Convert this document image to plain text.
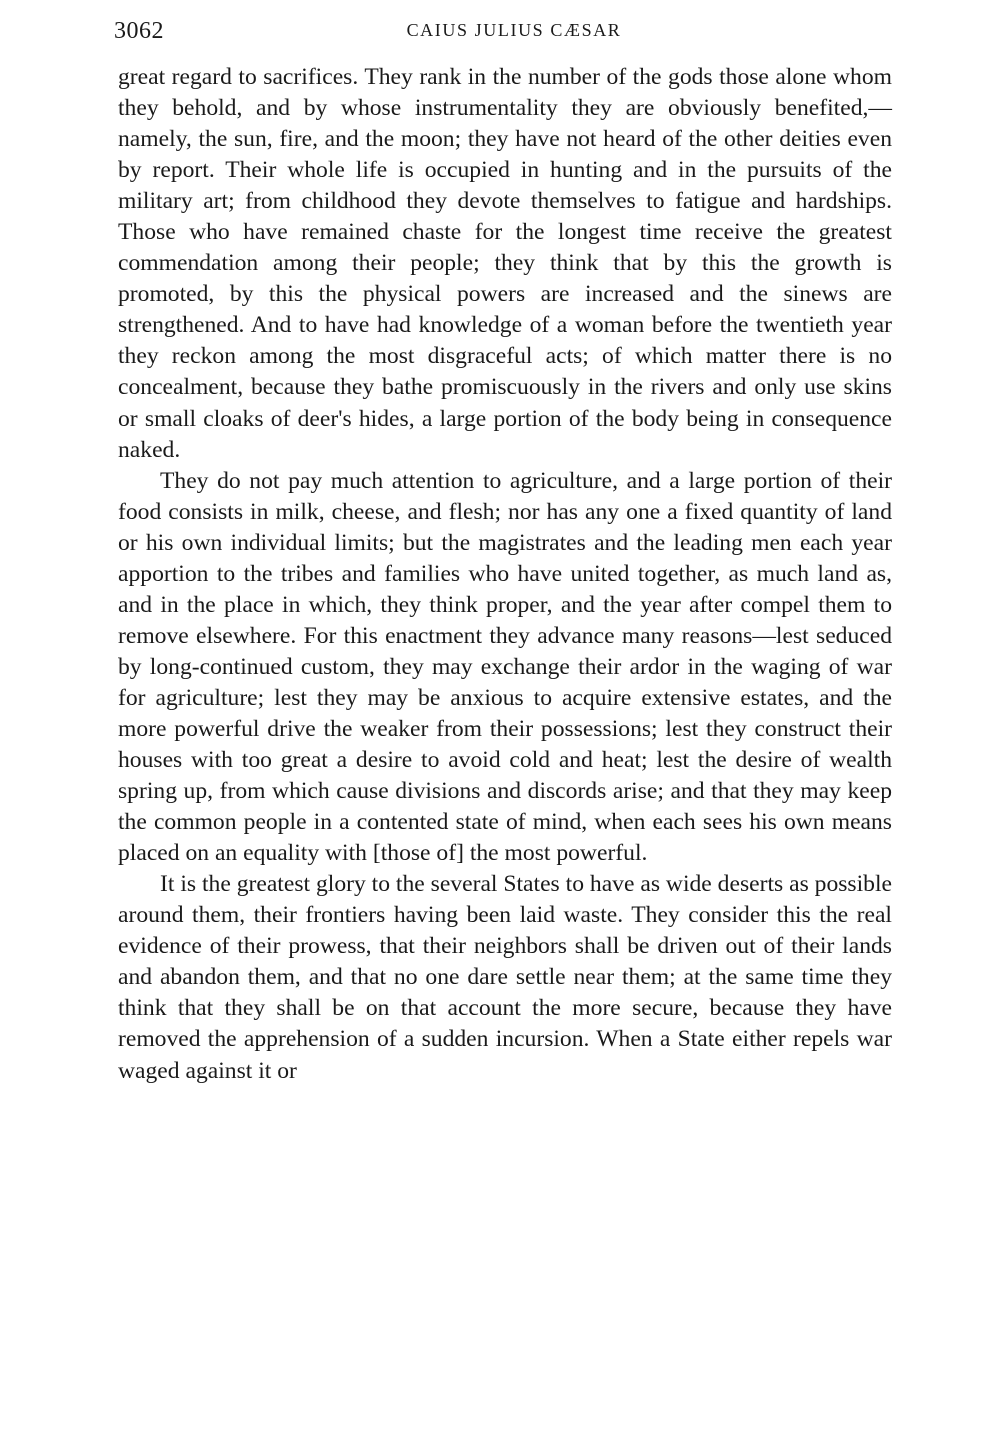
3062	CAIUS JULIUS CÆSAR

great regard to sacrifices. They rank in the number of the gods those alone whom they behold, and by whose instrumentality they are obviously benefited,—namely, the sun, fire, and the moon; they have not heard of the other deities even by report. Their whole life is occupied in hunting and in the pursuits of the military art; from childhood they devote themselves to fatigue and hardships. Those who have remained chaste for the longest time receive the greatest commendation among their people; they think that by this the growth is promoted, by this the physical powers are increased and the sinews are strengthened. And to have had knowledge of a woman before the twentieth year they reckon among the most disgraceful acts; of which matter there is no concealment, because they bathe promiscuously in the rivers and only use skins or small cloaks of deer's hides, a large portion of the body being in consequence naked.

They do not pay much attention to agriculture, and a large portion of their food consists in milk, cheese, and flesh; nor has any one a fixed quantity of land or his own individual limits; but the magistrates and the leading men each year apportion to the tribes and families who have united together, as much land as, and in the place in which, they think proper, and the year after compel them to remove elsewhere. For this enactment they advance many reasons—lest seduced by long-continued custom, they may exchange their ardor in the waging of war for agriculture; lest they may be anxious to acquire extensive estates, and the more powerful drive the weaker from their possessions; lest they construct their houses with too great a desire to avoid cold and heat; lest the desire of wealth spring up, from which cause divisions and discords arise; and that they may keep the common people in a contented state of mind, when each sees his own means placed on an equality with [those of] the most powerful.

It is the greatest glory to the several States to have as wide deserts as possible around them, their frontiers having been laid waste. They consider this the real evidence of their prowess, that their neighbors shall be driven out of their lands and abandon them, and that no one dare settle near them; at the same time they think that they shall be on that account the more secure, because they have removed the apprehension of a sudden incursion. When a State either repels war waged against it or
